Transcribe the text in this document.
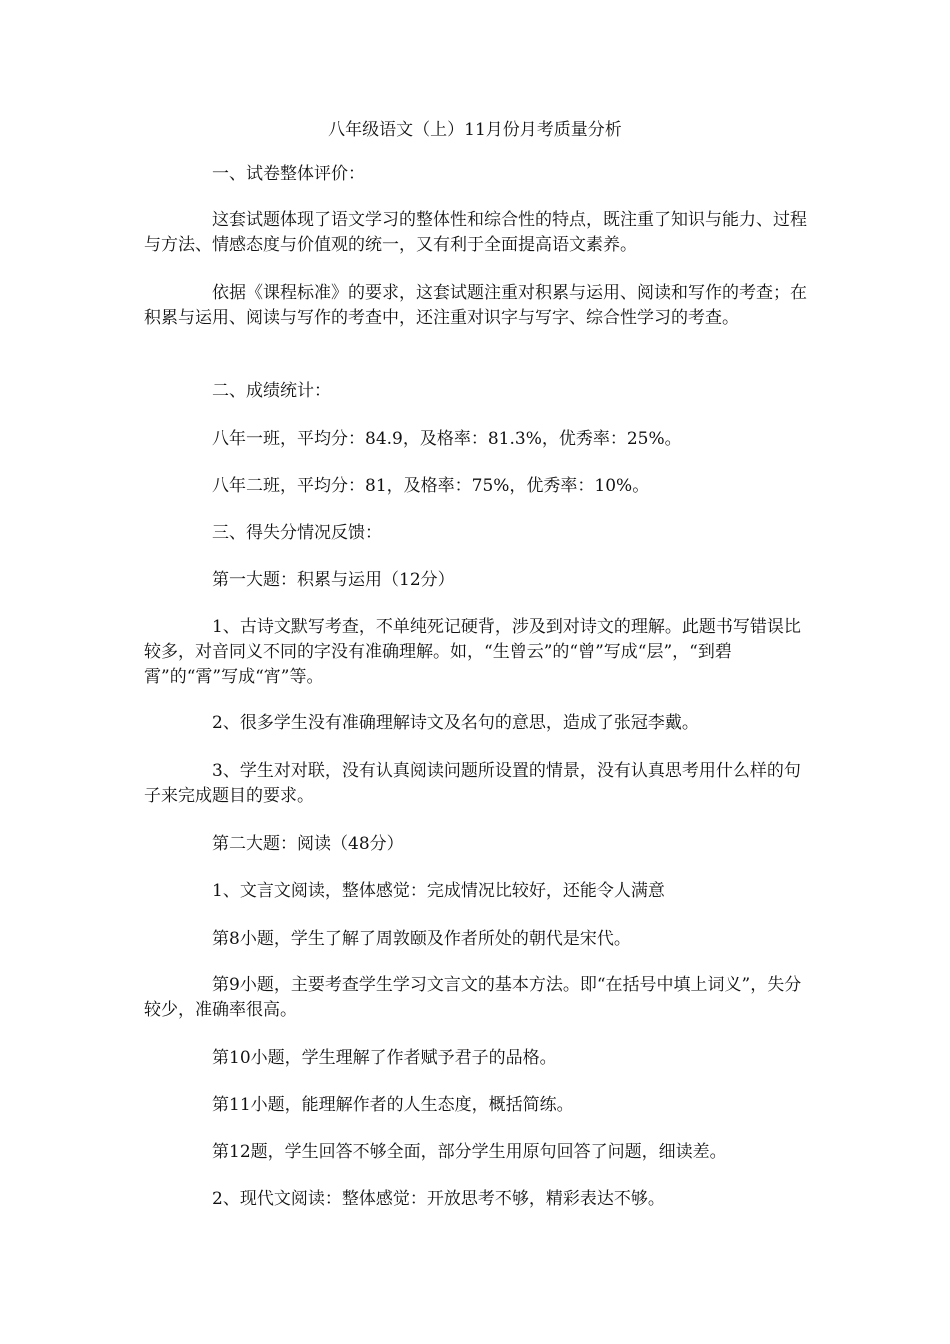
八年级语文（上）11月份月考质量分析

一、试卷整体评价：

这套试题体现了语文学习的整体性和综合性的特点，既注重了知识与能力、过程与方法、情感态度与价值观的统一，又有利于全面提高语文素养。

依据《课程标准》的要求，这套试题注重对积累与运用、阅读和写作的考查；在积累与运用、阅读与写作的考查中，还注重对识字与写字、综合性学习的考查。

二、成绩统计：

八年一班，平均分：84.9，及格率：81.3%，优秀率：25%。

八年二班，平均分：81，及格率：75%，优秀率：10%。

三、得失分情况反馈：

第一大题：积累与运用（12分）

1、古诗文默写考查，不单纯死记硬背，涉及到对诗文的理解。此题书写错误比较多，对音同义不同的字没有准确理解。如，“生曾云”的“曾”写成“层”，“到碧霄”的“霄”写成“宵”等。

2、很多学生没有准确理解诗文及名句的意思，造成了张冠李戴。

3、学生对对联，没有认真阅读问题所设置的情景，没有认真思考用什么样的句子来完成题目的要求。

第二大题：阅读（48分）

1、文言文阅读，整体感觉：完成情况比较好，还能令人满意

第8小题，学生了解了周敦颐及作者所处的朝代是宋代。

第9小题，主要考查学生学习文言文的基本方法。即“在括号中填上词义”，失分较少，准确率很高。

第10小题，学生理解了作者赋予君子的品格。

第11小题，能理解作者的人生态度，概括简练。

第12题，学生回答不够全面，部分学生用原句回答了问题，细读差。

2、现代文阅读：整体感觉：开放思考不够，精彩表达不够。
